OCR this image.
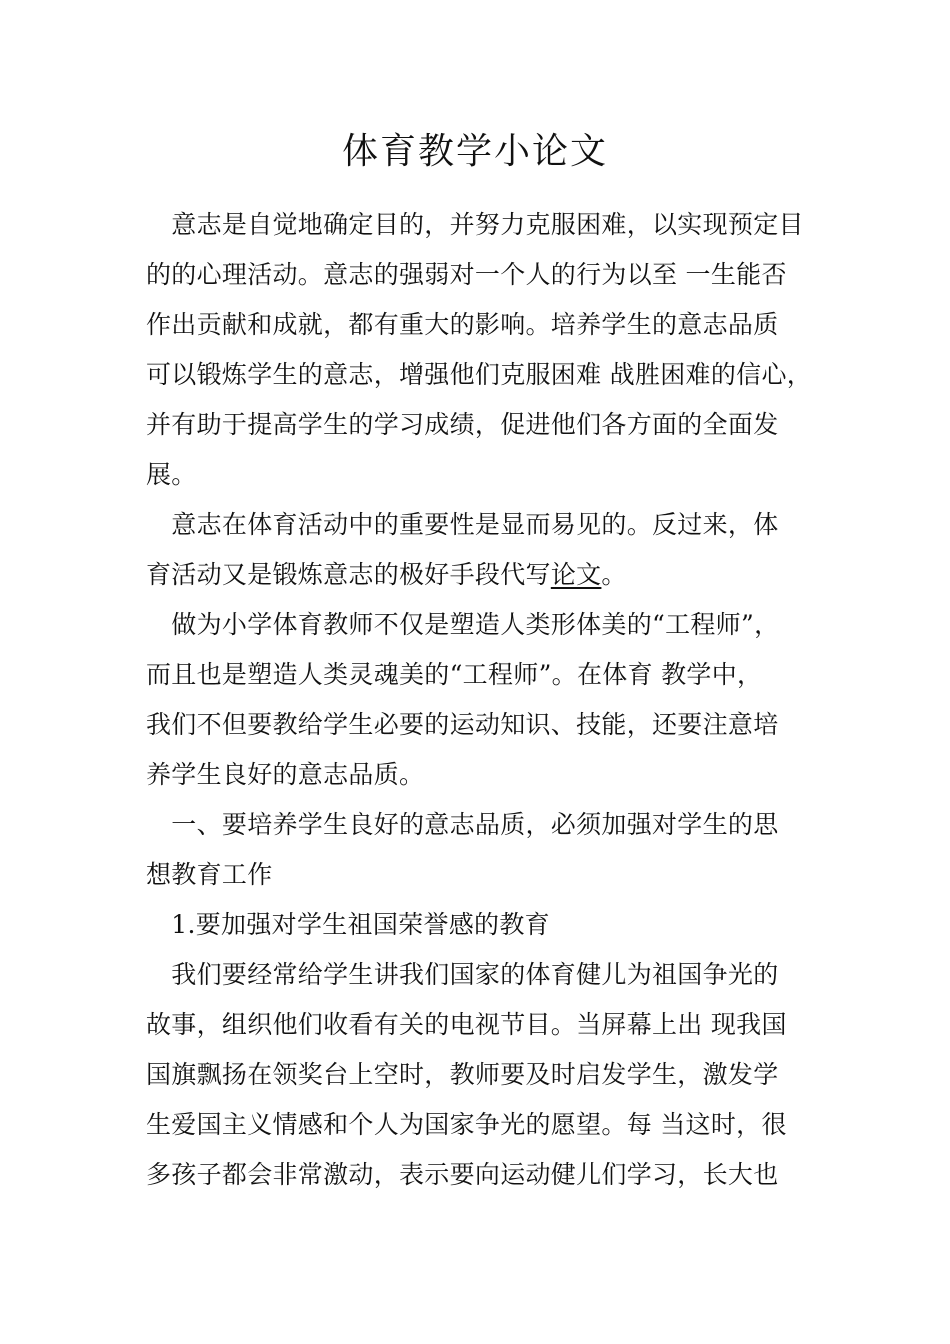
体育教学小论文
　意志是自觉地确定目的，并努力克服困难，以实现预定目
的的心理活动。意志的强弱对一个人的行为以至 一生能否
作出贡献和成就，都有重大的影响。培养学生的意志品质
可以锻炼学生的意志，增强他们克服困难 战胜困难的信心，
并有助于提高学生的学习成绩，促进他们各方面的全面发
展。
　意志在体育活动中的重要性是显而易见的。反过来，体
育活动又是锻炼意志的极好手段代写论文。
　做为小学体育教师不仅是塑造人类形体美的“工程师”，
而且也是塑造人类灵魂美的“工程师”。在体育 教学中，
我们不但要教给学生必要的运动知识、技能，还要注意培
养学生良好的意志品质。
　一、要培养学生良好的意志品质，必须加强对学生的思
想教育工作
　1.要加强对学生祖国荣誉感的教育
　我们要经常给学生讲我们国家的体育健儿为祖国争光的
故事，组织他们收看有关的电视节目。当屏幕上出 现我国
国旗飘扬在领奖台上空时，教师要及时启发学生，激发学
生爱国主义情感和个人为国家争光的愿望。每 当这时，很
多孩子都会非常激动，表示要向运动健儿们学习，长大也
